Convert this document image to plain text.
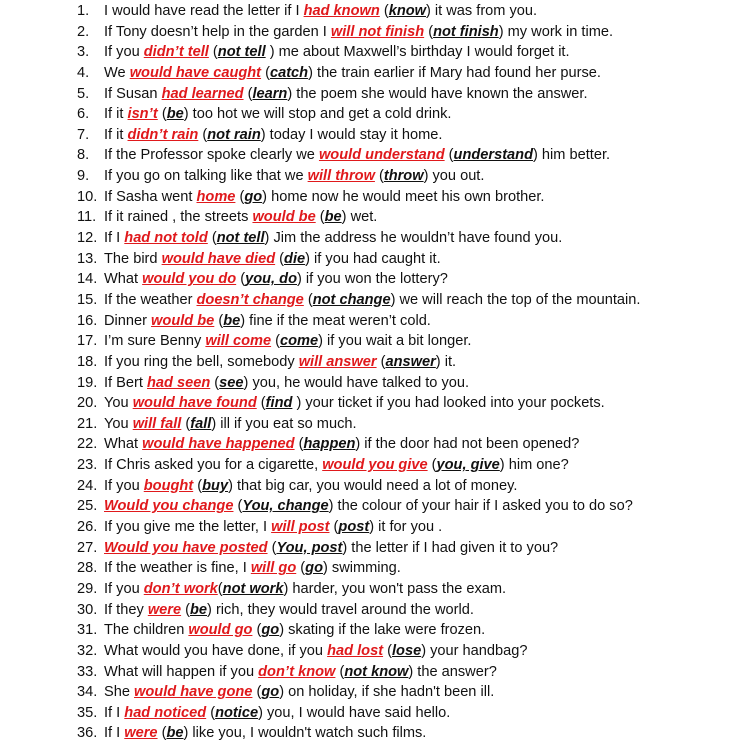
1. I would have read the letter if I had known (know) it was from you.
2. If Tony doesn’t help in the garden I will not finish (not finish) my work in time.
3. If you didn’t tell (not tell ) me about Maxwell’s birthday I would forget it.
4. We would have caught (catch) the train earlier if Mary had found her purse.
5. If Susan had learned (learn) the poem she would have known the answer.
6. If it isn’t (be) too hot we will stop and get a cold drink.
7. If it didn’t rain (not rain) today I would stay it home.
8. If the Professor spoke clearly we would understand (understand) him better.
9. If you go on talking like that we will throw (throw) you out.
10. If Sasha went home (go) home now he would meet his own brother.
11. If it rained , the streets would be (be) wet.
12. If I had not told (not tell) Jim the address he wouldn’t have found you.
13. The bird would have died (die) if you had caught it.
14. What would you do (you, do) if you won the lottery?
15. If the weather doesn’t change (not change) we will reach the top of the mountain.
16. Dinner would be (be) fine if the meat weren’t cold.
17. I’m sure Benny will come (come) if you wait a bit longer.
18. If you ring the bell, somebody will answer (answer) it.
19. If Bert had seen (see) you, he would have talked to you.
20. You would have found (find ) your ticket if you had looked into your pockets.
21. You will fall (fall) ill if you eat so much.
22. What would have happened (happen) if the door had not been opened?
23. If Chris asked you for a cigarette, would you give (you, give) him one?
24. If you bought (buy) that big car, you would need a lot of money.
25. Would you change (You, change) the colour of your hair if I asked you to do so?
26. If you give me the letter, I will post (post) it for you .
27. Would you have posted (You, post) the letter if I had given it to you?
28. If the weather is fine, I will go (go) swimming.
29. If you don’t work(not work) harder, you won't pass the exam.
30. If they were (be) rich, they would travel around the world.
31. The children would go (go) skating if the lake were frozen.
32. What would you have done, if you had lost (lose) your handbag?
33. What will happen if you don’t know (not know) the answer?
34. She would have gone (go) on holiday, if she hadn't been ill.
35. If I had noticed (notice) you, I would have said hello.
36. If I were (be) like you, I wouldn't watch such films.
